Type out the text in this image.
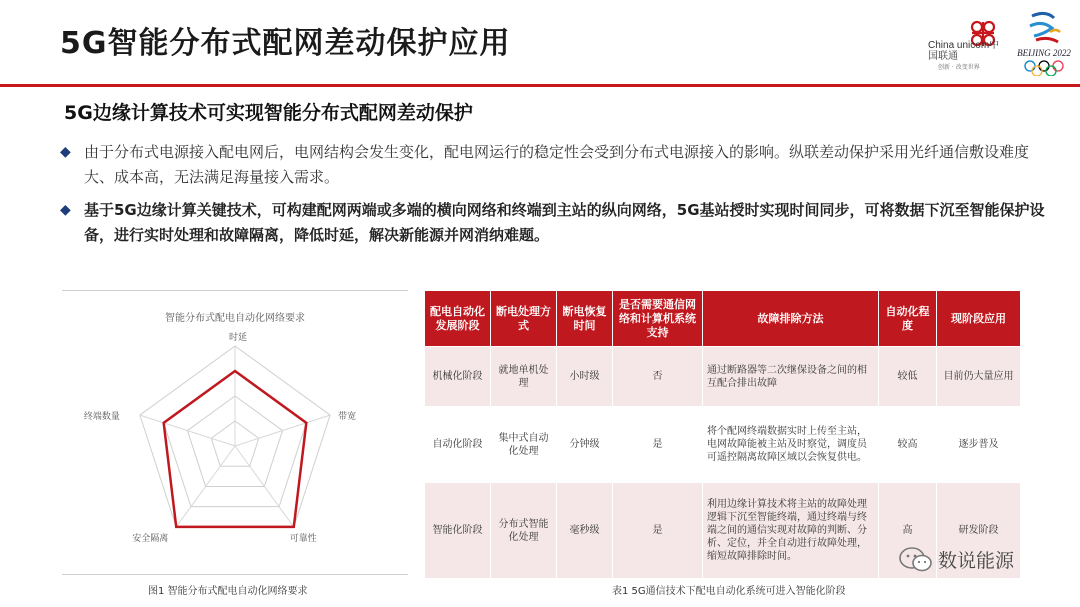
5G智能分布式配网差动保护应用	China unicom中国联通
创新 · 改变世界
BEIJING 2022
5G边缘计算技术可实现智能分布式配网差动保护
◆ 由于分布式电源接入配电网后，电网结构会发生变化，配电网运行的稳定性会受到分布式电源接入的影响。纵联差动保护采用光纤通信敷设难度大、成本高，无法满足海量接入需求。
◆ 基于5G边缘计算关键技术，可构建配网两端或多端的横向网络和终端到主站的纵向网络，5G基站授时实现时间同步，可将数据下沉至智能保护设备，进行实时处理和故障隔离，降低时延，解决新能源并网消纳难题。
智能分布式配电自动化网络要求
时延
带宽
可靠性
安全隔离
终端数量
图1 智能分布式配电自动化网络要求
配电自动化发展阶段	断电处理方式	断电恢复时间	是否需要通信网络和计算机系统支持	故障排除方法	自动化程度	现阶段应用
机械化阶段	就地单机处理	小时级	否	通过断路器等二次继保设备之间的相互配合排出故障	较低	目前仍大量应用
自动化阶段	集中式自动化处理	分钟级	是	将个配网终端数据实时上传至主站，电网故障能被主站及时察觉，调度员可遥控隔离故障区域以会恢复供电。	较高	逐步普及
智能化阶段	分布式智能化处理	毫秒级	是	利用边缘计算技术将主站的故障处理逻辑下沉至智能终端，通过终端与终端之间的通信实现对故障的判断、分析、定位，并全自动进行故障处理，缩短故障排除时间。	高	研发阶段
表1 5G通信技术下配电自动化系统可进入智能化阶段
数说能源
